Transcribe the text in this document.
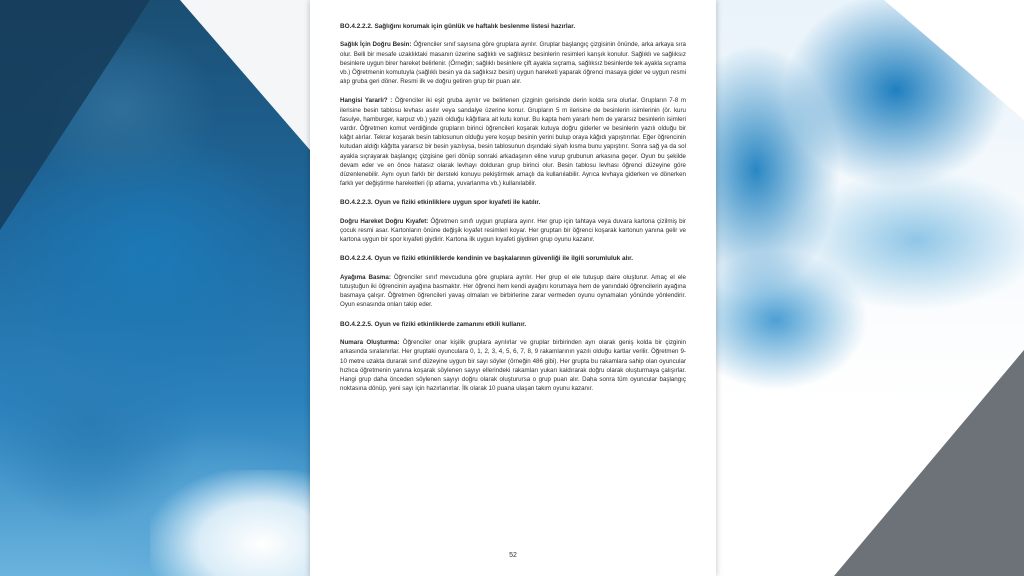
BO.4.2.2.2. Sağlığını korumak için günlük ve haftalık beslenme listesi hazırlar.

Sağlık İçin Doğru Besin: Öğrenciler sınıf sayısına göre gruplara ayrılır. Gruplar başlangıç çizgisinin önünde, arka arkaya sıra olur. Belli bir mesafe uzaklıktaki masanın üzerine sağlıklı ve sağlıksız besinlerin resimleri karışık konulur. Sağlıklı ve sağlıksız besinlere uygun birer hareket belirlenir. (Örneğin; sağlıklı besinlere çift ayakla sıçrama, sağlıksız besinlerde tek ayakla sıçrama vb.) Öğretmenin komutuyla (sağlıklı besin ya da sağlıksız besin) uygun hareketi yaparak öğrenci masaya gider ve uygun resmi alıp gruba geri döner. Resmi ilk ve doğru getiren grup bir puan alır.

Hangisi Yararlı? : Öğrenciler iki eşit gruba ayrılır ve belirlenen çizginin gerisinde derin kolda sıra olurlar. Grupların 7-8 m ilerisine besin tablosu levhası asılır veya sandalye üzerine konur. Grupların 5 m ilerisine de besinlerin isimlerinin (ör. kuru fasulye, hamburger, karpuz vb.) yazılı olduğu kâğıtlara ait kutu konur. Bu kapta hem yararlı hem de yararsız besinlerin isimleri vardır. Öğretmen komut verdiğinde grupların birinci öğrencileri koşarak kutuya doğru giderler ve besinlerin yazılı olduğu bir kâğıt alırlar. Tekrar koşarak besin tablosunun olduğu yere koşup besinin yerini bulup oraya kâğıdı yapıştırırlar. Eğer öğrencinin kutudan aldığı kâğıtta yararsız bir besin yazılıysa, besin tablosunun dışındaki siyah kısma bunu yapıştırır. Sonra sağ ya da sol ayakla sıçrayarak başlangıç çizgisine geri dönüp sonraki arkadaşının eline vurup grubunun arkasına geçer. Oyun bu şekilde devam eder ve en önce hatasız olarak levhayı dolduran grup birinci olur. Besin tablosu levhası öğrenci düzeyine göre düzenlenebilir. Aynı oyun farklı bir dersteki konuyu pekiştirmek amaçlı da kullanılabilir. Ayrıca levhaya giderken ve dönerken farklı yer değiştirme hareketleri (ip atlama, yuvarlanma vb.) kullanılabilir.

BO.4.2.2.3. Oyun ve fiziki etkinliklere uygun spor kıyafeti ile katılır.

Doğru Hareket Doğru Kıyafet: Öğretmen sınıfı uygun gruplara ayırır. Her grup için tahtaya veya duvara kartona çizilmiş bir çocuk resmi asar. Kartonların önüne değişik kıyafet resimleri koyar. Her gruptan bir öğrenci koşarak kartonun yanına gelir ve kartona uygun bir spor kıyafeti giydirir. Kartona ilk uygun kıyafeti giydiren grup oyunu kazanır.

BO.4.2.2.4. Oyun ve fiziki etkinliklerde kendinin ve başkalarının güvenliği ile ilgili sorumluluk alır.

Ayağıma Basma: Öğrenciler sınıf mevcuduna göre gruplara ayrılır. Her grup el ele tutuşup daire oluşturur. Amaç el ele tutuştuğun iki öğrencinin ayağına basmaktır. Her öğrenci hem kendi ayağını korumaya hem de yanındaki öğrencilerin ayağına basmaya çalışır. Öğretmen öğrencileri yavaş olmaları ve birbirlerine zarar vermeden oyunu oynamaları yönünde yönlendirir. Oyun esnasında onları takip eder.

BO.4.2.2.5. Oyun ve fiziki etkinliklerde zamanını etkili kullanır.

Numara Oluşturma: Öğrenciler onar kişilik gruplara ayrılırlar ve gruplar birbirinden ayrı olarak geniş kolda bir çizginin arkasında sıralanırlar. Her gruptaki oyunculara 0, 1, 2, 3, 4, 5, 6, 7, 8, 9 rakamlarının yazılı olduğu kartlar verilir. Öğretmen 9-10 metre uzakta durarak sınıf düzeyine uygun bir sayı söyler (örneğin 486 gibi). Her grupta bu rakamlara sahip olan oyuncular hızlıca öğretmenin yanına koşarak söylenen sayıyı ellerindeki rakamları yukarı kaldırarak doğru olarak oluşturmaya çalışırlar. Hangi grup daha önceden söylenen sayıyı doğru olarak oluşturursa o grup puan alır. Daha sonra tüm oyuncular başlangıç noktasına dönüp, yeni sayı için hazırlanırlar. İlk olarak 10 puana ulaşan takım oyunu kazanır.

52
